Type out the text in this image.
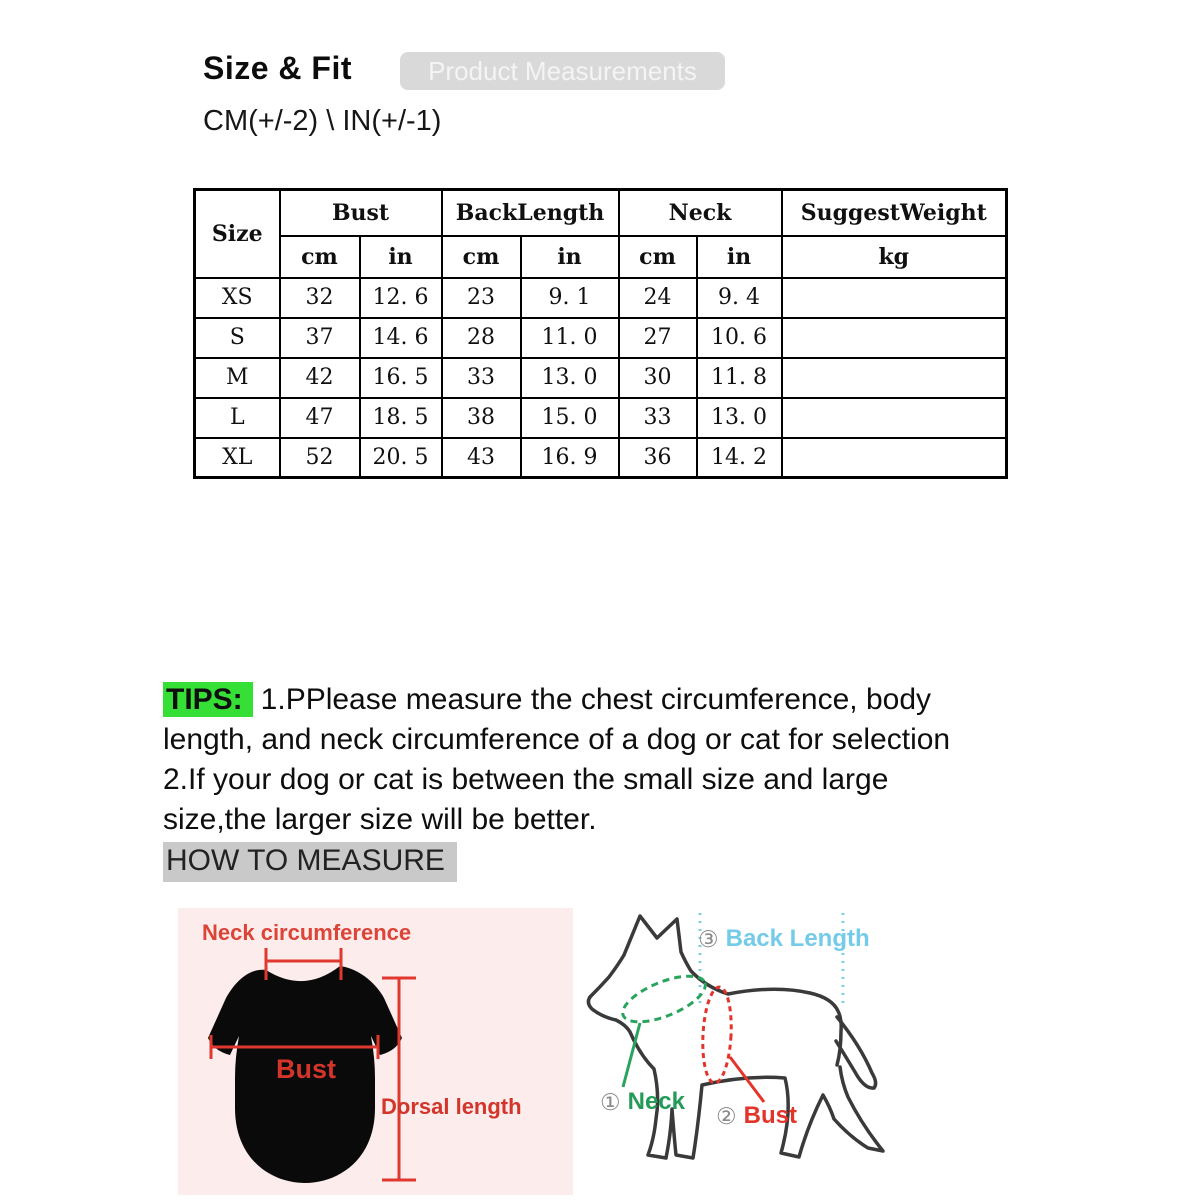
Size & Fit	Product Measurements
CM(+/-2) \ IN(+/-1)
Size	Bust		BackLength		Neck		SuggestWeight
	cm	in	cm	in	cm	in	kg
XS	32	12. 6	23	9. 1	24	9. 4	
S	37	14. 6	28	11. 0	27	10. 6	
M	42	16. 5	33	13. 0	30	11. 8	
L	47	18. 5	38	15. 0	33	13. 0	
XL	52	20. 5	43	16. 9	36	14. 2	
TIPS: 1.PPlease measure the chest circumference, body
length, and neck circumference of a dog or cat for selection
2.If your dog or cat is between the small size and large
size,the larger size will be better.
HOW TO MEASURE
Neck circumference
Bust
Dorsal length
③ Back Length
① Neck
② Bust
